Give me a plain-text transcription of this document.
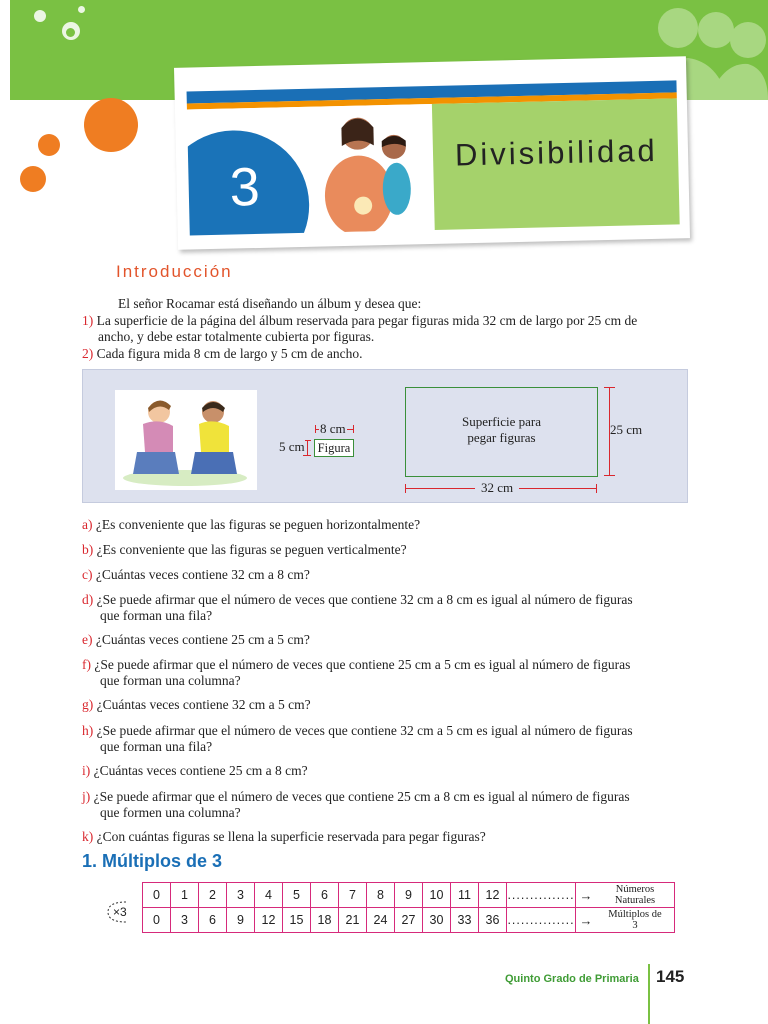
3
Divisibilidad
Introducción
El señor Rocamar está diseñando un álbum y desea que:
1) La superficie de la página del álbum reservada para pegar figuras mida 32 cm de largo por 25 cm de
ancho, y debe estar totalmente cubierta por figuras.
2) Cada figura mida 8 cm de largo y 5 cm de ancho.
8 cm
5 cm Figura
Superficie para
pegar figuras
25 cm
32 cm
a) ¿Es conveniente que las figuras se peguen horizontalmente?
b) ¿Es conveniente que las figuras se peguen verticalmente?
c) ¿Cuántas veces contiene 32 cm a 8 cm?
d) ¿Se puede afirmar que el número de veces que contiene 32 cm a 8 cm es igual al número de figuras
que forman una fila?
e) ¿Cuántas veces contiene 25 cm a 5 cm?
f) ¿Se puede afirmar que el número de veces que contiene 25 cm a 5 cm es igual al número de figuras
que forman una columna?
g) ¿Cuántas veces contiene 32 cm a 5 cm?
h) ¿Se puede afirmar que el número de veces que contiene 32 cm a 5 cm es igual al número de figuras
que forman una fila?
i) ¿Cuántas veces contiene 25 cm a 8 cm?
j) ¿Se puede afirmar que el número de veces que contiene 25 cm a 8 cm es igual al número de figuras
que formen una columna?
k) ¿Con cuántas figuras se llena la superficie reservada para pegar figuras?
1. Múltiplos de 3
×3
0	1	2	3	4	5	6	7	8	9	10	11	12	...............	→	Números
Naturales

0	3	6	9	12	15	18	21	24	27	30	33	36	...............	→	Múltiplos de
3
Quinto Grado de Primaria 145
